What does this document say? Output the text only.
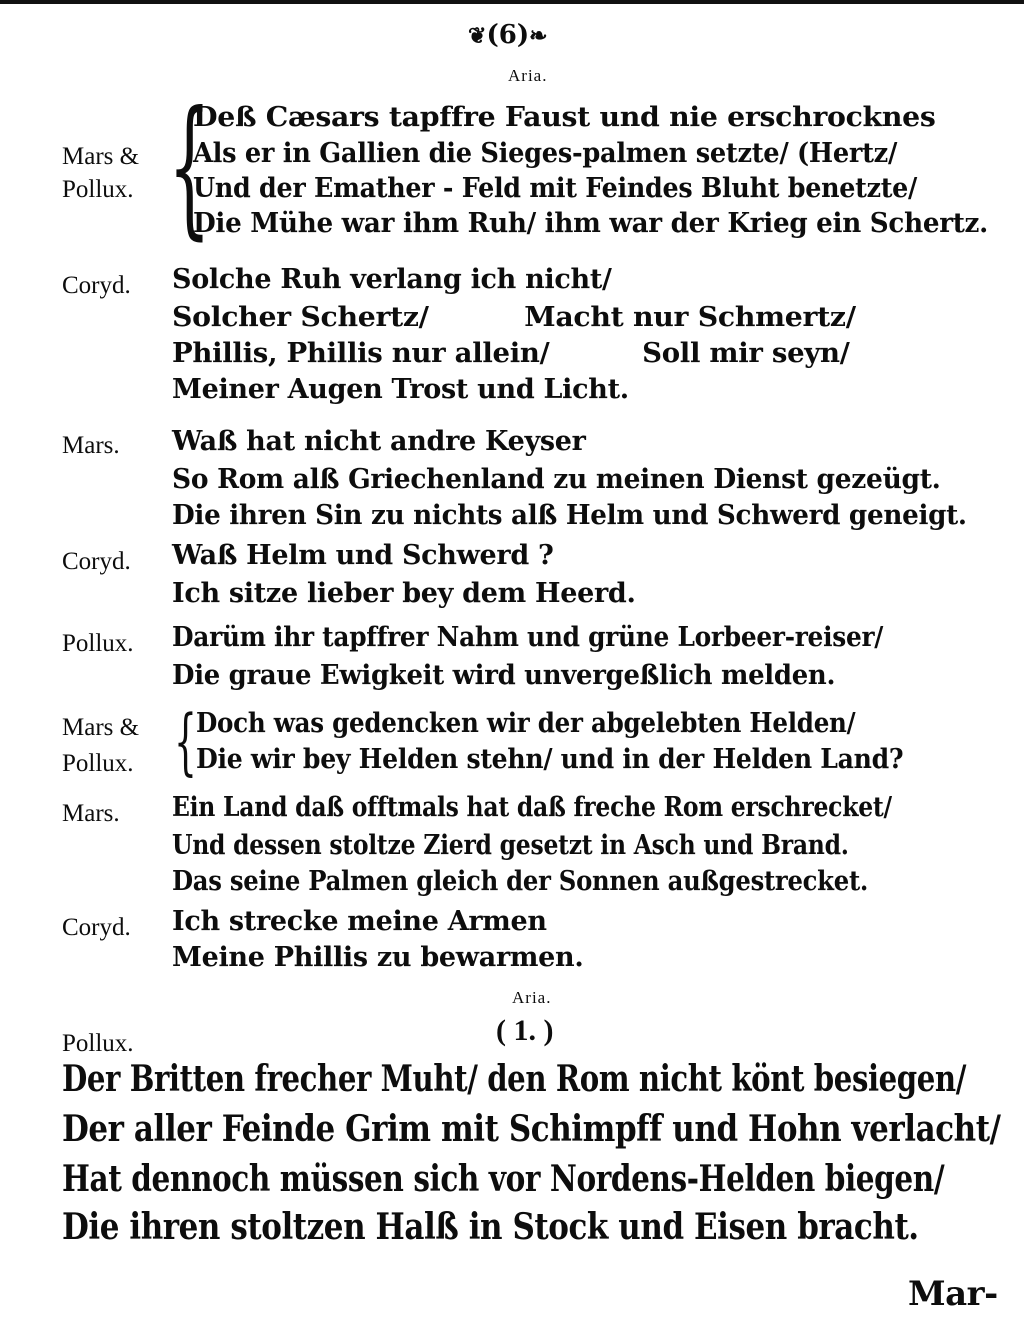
❦(6)❧
Aria.
Mars &
Pollux. {
Deß Cæsars tapffre Faust und nie erschrocknes
Als er in Gallien die Sieges-palmen setzte/ (Hertz/
Und der Emather - Feld mit Feindes Bluht benetzte/
Die Mühe war ihm Ruh/ ihm war der Krieg ein Schertz.
Coryd. Solche Ruh verlang ich nicht/
Solcher Schertz/          Macht nur Schmertz/
Phillis, Phillis nur allein/          Soll mir seyn/
Meiner Augen Trost und Licht.
Mars. Waß hat nicht andre Keyser
So Rom alß Griechenland zu meinen Dienst gezeügt.
Die ihren Sin zu nichts alß Helm und Schwerd geneigt.
Coryd. Waß Helm und Schwerd ?
Ich sitze lieber bey dem Heerd.
Pollux. Darüm ihr tapffrer Nahm und grüne Lorbeer-reiser/
Die graue Ewigkeit wird unvergeßlich melden.
Mars &
Pollux. { Doch was gedencken wir der abgelebten Helden/
Die wir bey Helden stehn/ und in der Helden Land?
Mars. Ein Land daß offtmals hat daß freche Rom erschrecket/
Und dessen stoltze Zierd gesetzt in Asch und Brand.
Das seine Palmen gleich der Sonnen außgestrecket.
Coryd. Ich strecke meine Armen
Meine Phillis zu bewarmen.
Aria.
Pollux.	( 1. )
Der Britten frecher Muht/ den Rom nicht könt besiegen/
Der aller Feinde Grim mit Schimpff und Hohn verlacht/
Hat dennoch müssen sich vor Nordens-Helden biegen/
Die ihren stoltzen Halß in Stock und Eisen bracht.
Mar-
